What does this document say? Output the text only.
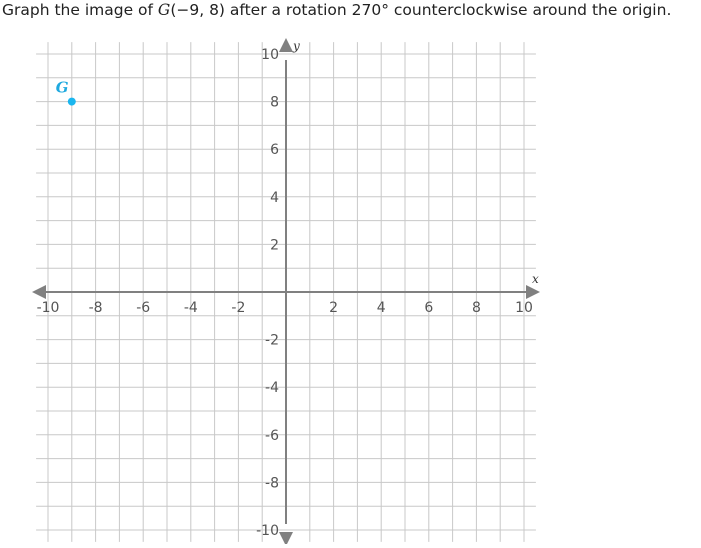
Graph the image of G(−9, 8) after a rotation 270° counterclockwise around the origin.
x
y
-10 -8 -6 -4 -2	2	4	6	8 10
-10
-8
-6
-4
-2
2
4
6
8
10
G
